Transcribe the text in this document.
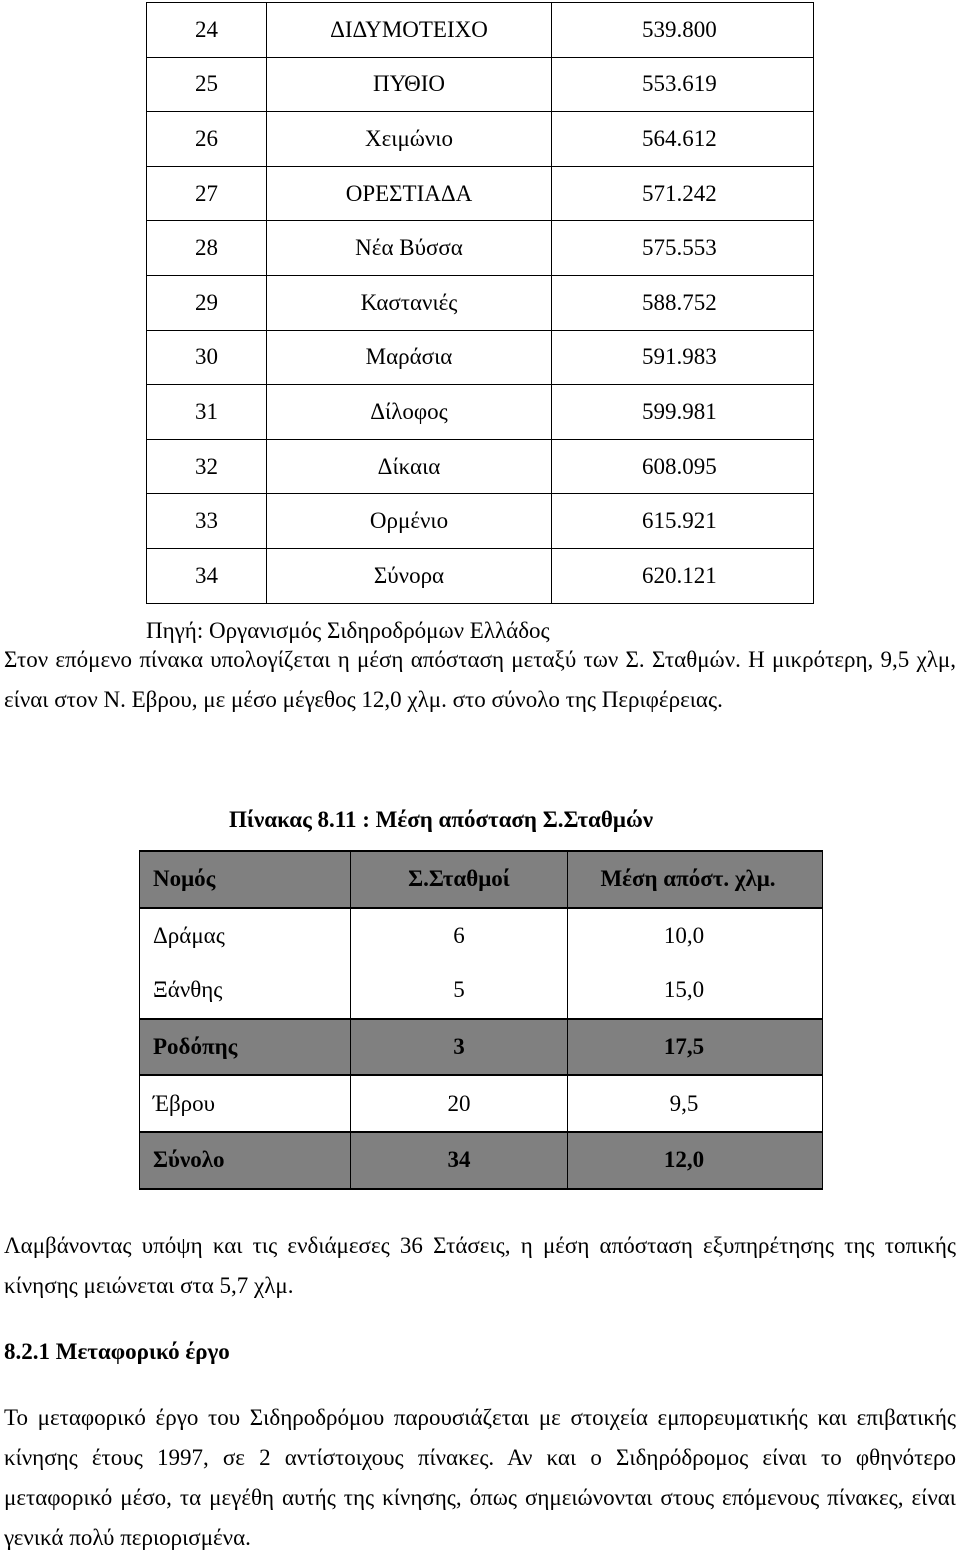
24	ΔΙΔΥΜΟΤΕΙΧΟ	539.800
25	ΠΥΘΙΟ	553.619
26	Χειμώνιο	564.612
27	ΟΡΕΣΤΙΑΔΑ	571.242
28	Νέα Βύσσα	575.553
29	Καστανιές	588.752
30	Μαράσια	591.983
31	Δίλοφος	599.981
32	Δίκαια	608.095
33	Ορμένιο	615.921
34	Σύνορα	620.121
Πηγή: Οργανισμός Σιδηροδρόμων Ελλάδος

Στον επόμενο πίνακα υπολογίζεται η μέση απόσταση μεταξύ των Σ. Σταθμών. Η μικρότερη, 9,5 χλμ, είναι στον Ν. Εβρου, με μέσο μέγεθος 12,0 χλμ. στο σύνολο της Περιφέρειας.

Πίνακας 8.11 : Μέση απόσταση Σ.Σταθμών
Νομός	Σ.Σταθμοί	Μέση απόστ. χλμ.
Δράμας	6	10,0
Ξάνθης	5	15,0
Ροδόπης	3	17,5
Έβρου	20	9,5
Σύνολο	34	12,0

Λαμβάνοντας υπόψη και τις ενδιάμεσες 36 Στάσεις, η μέση απόσταση εξυπηρέτησης της τοπικής κίνησης μειώνεται στα 5,7 χλμ.

8.2.1 Μεταφορικό έργο

Το μεταφορικό έργο του Σιδηροδρόμου παρουσιάζεται με στοιχεία εμπορευματικής και επιβατικής κίνησης έτους 1997, σε 2 αντίστοιχους πίνακες. Αν και ο Σιδηρόδρομος είναι το φθηνότερο μεταφορικό μέσο, τα μεγέθη αυτής της κίνησης, όπως σημειώνονται στους επόμενους πίνακες, είναι γενικά πολύ περιορισμένα.
